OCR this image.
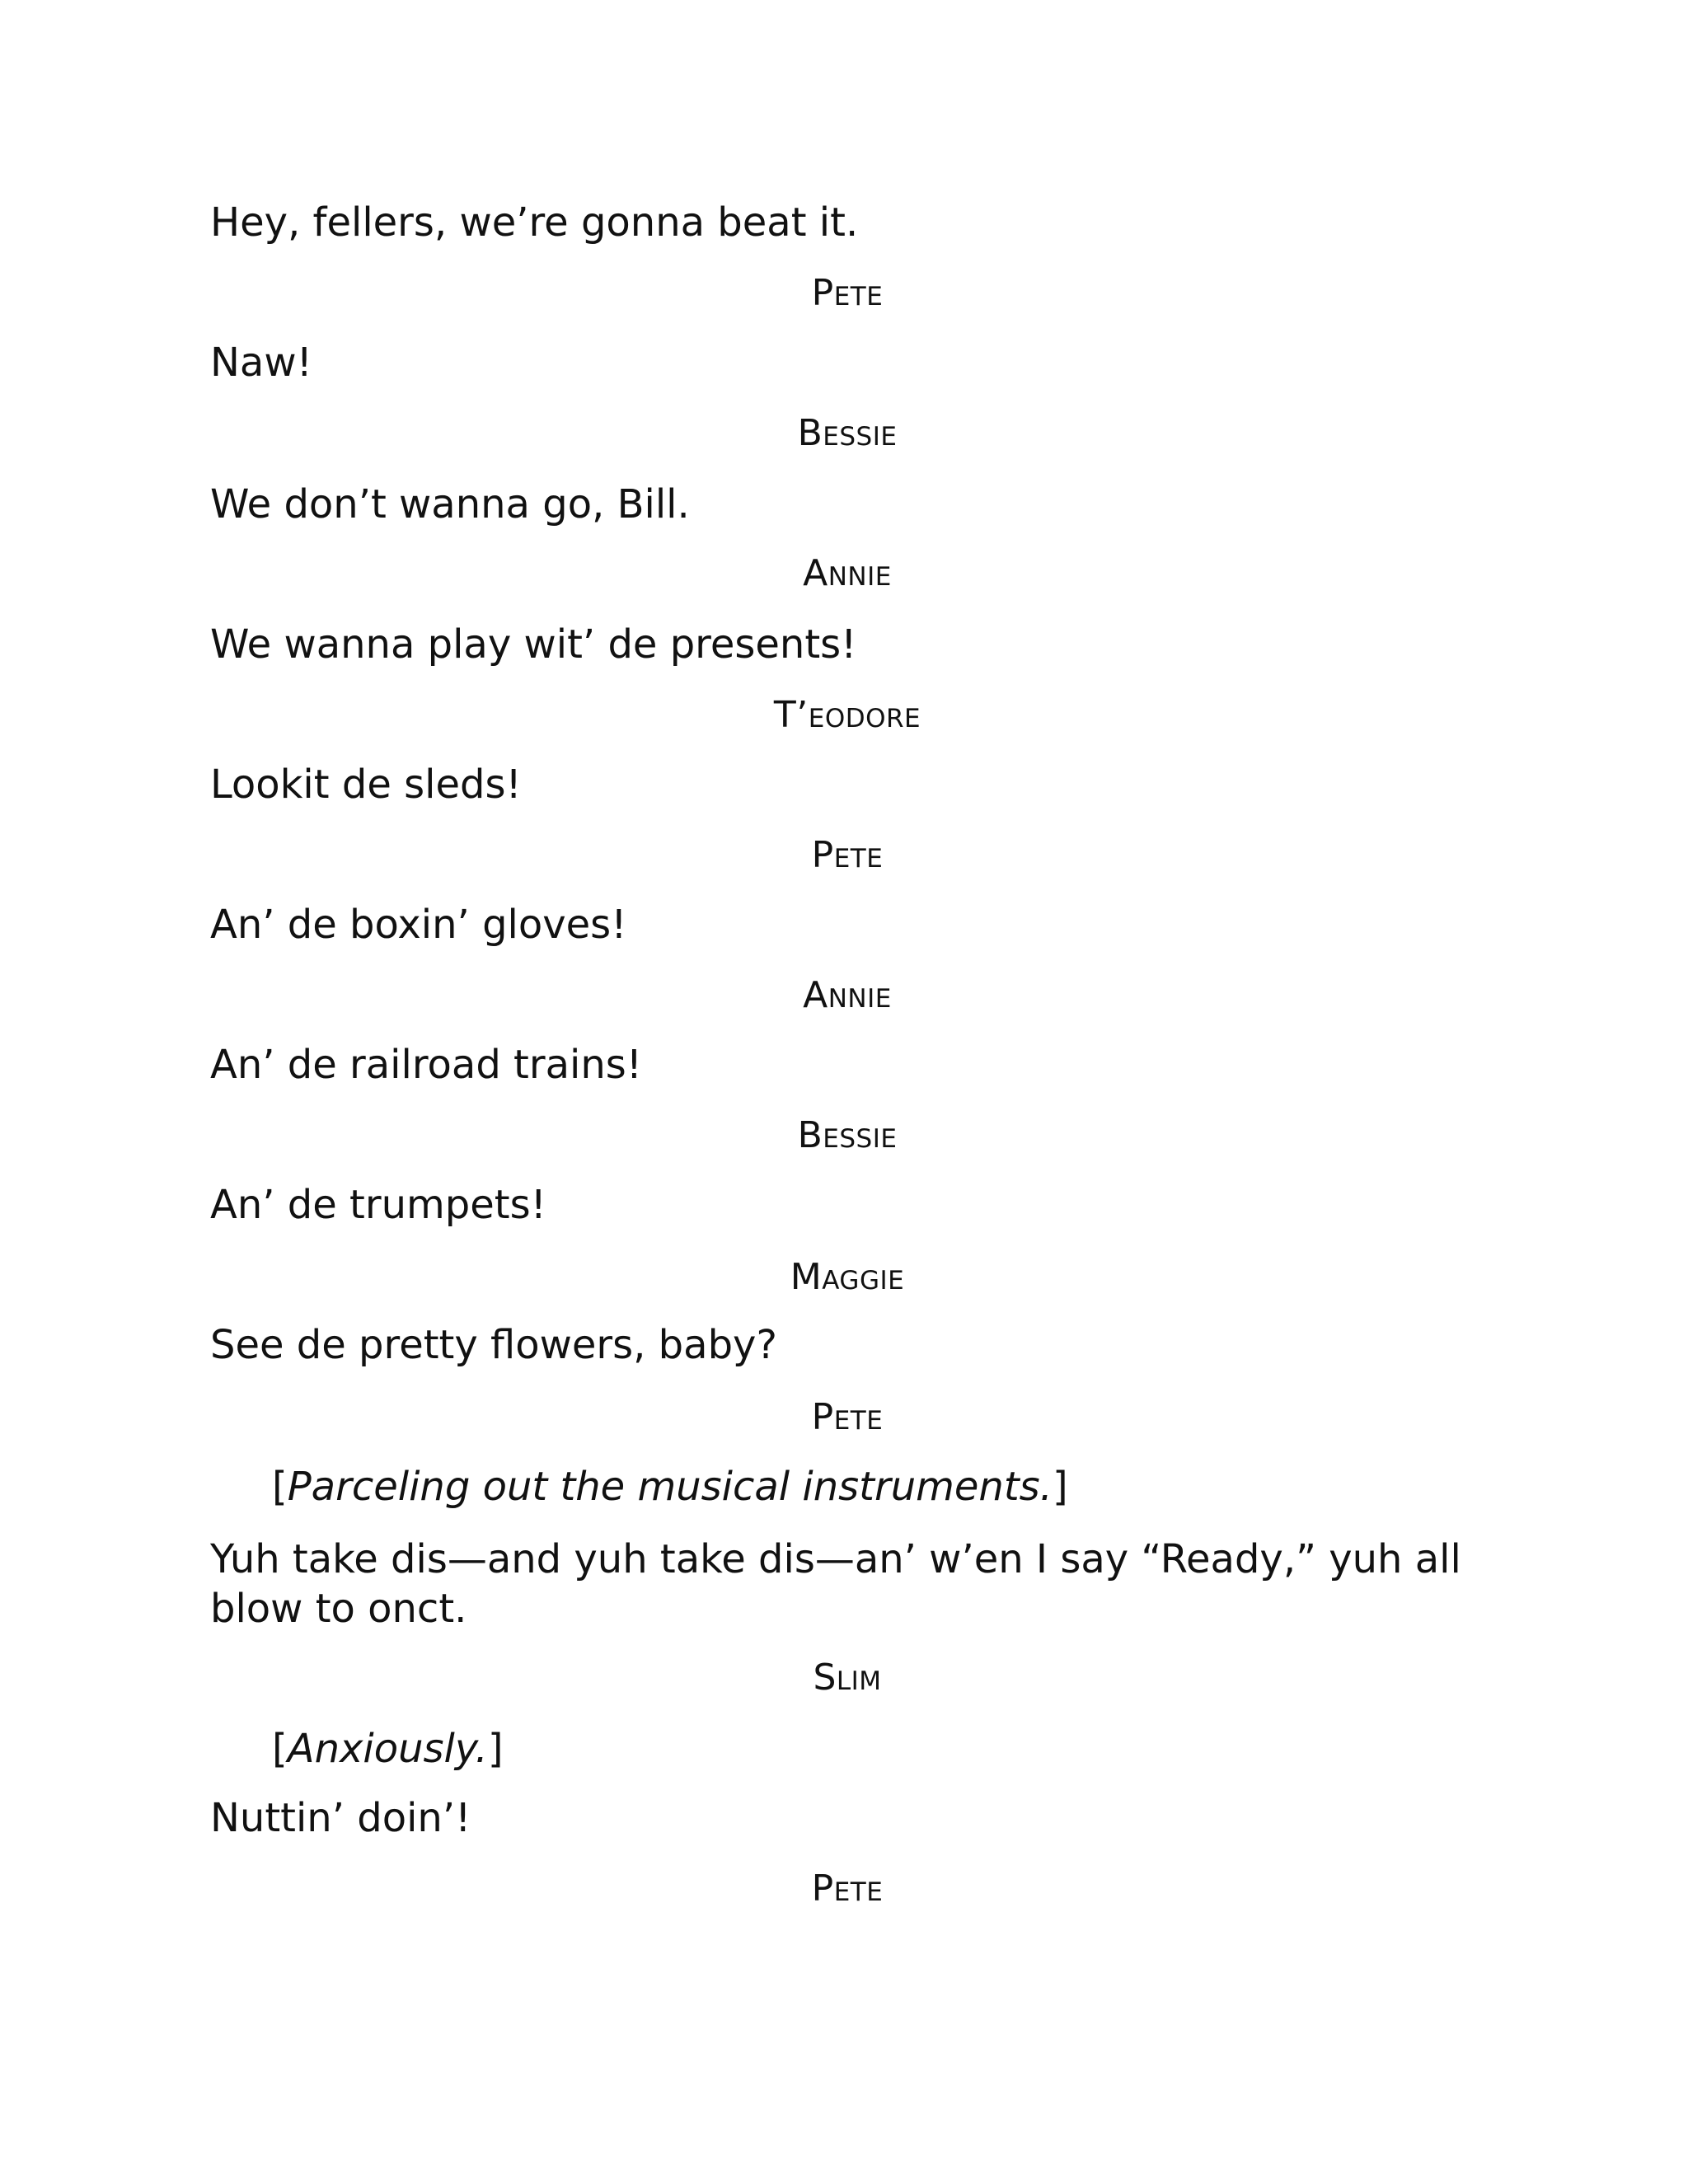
Hey, fellers, we’re gonna beat it.

Pete

Naw!

Bessie

We don’t wanna go, Bill.

Annie

We wanna play wit’ de presents!

T’eodore

Lookit de sleds!

Pete

An’ de boxin’ gloves!

Annie

An’ de railroad trains!

Bessie

An’ de trumpets!

Maggie

See de pretty flowers, baby?

Pete

[Parceling out the musical instruments.]

Yuh take dis—and yuh take dis—an’ w’en I say “Ready,” yuh all blow to onct.

Slim

[Anxiously.]

Nuttin’ doin’!

Pete
